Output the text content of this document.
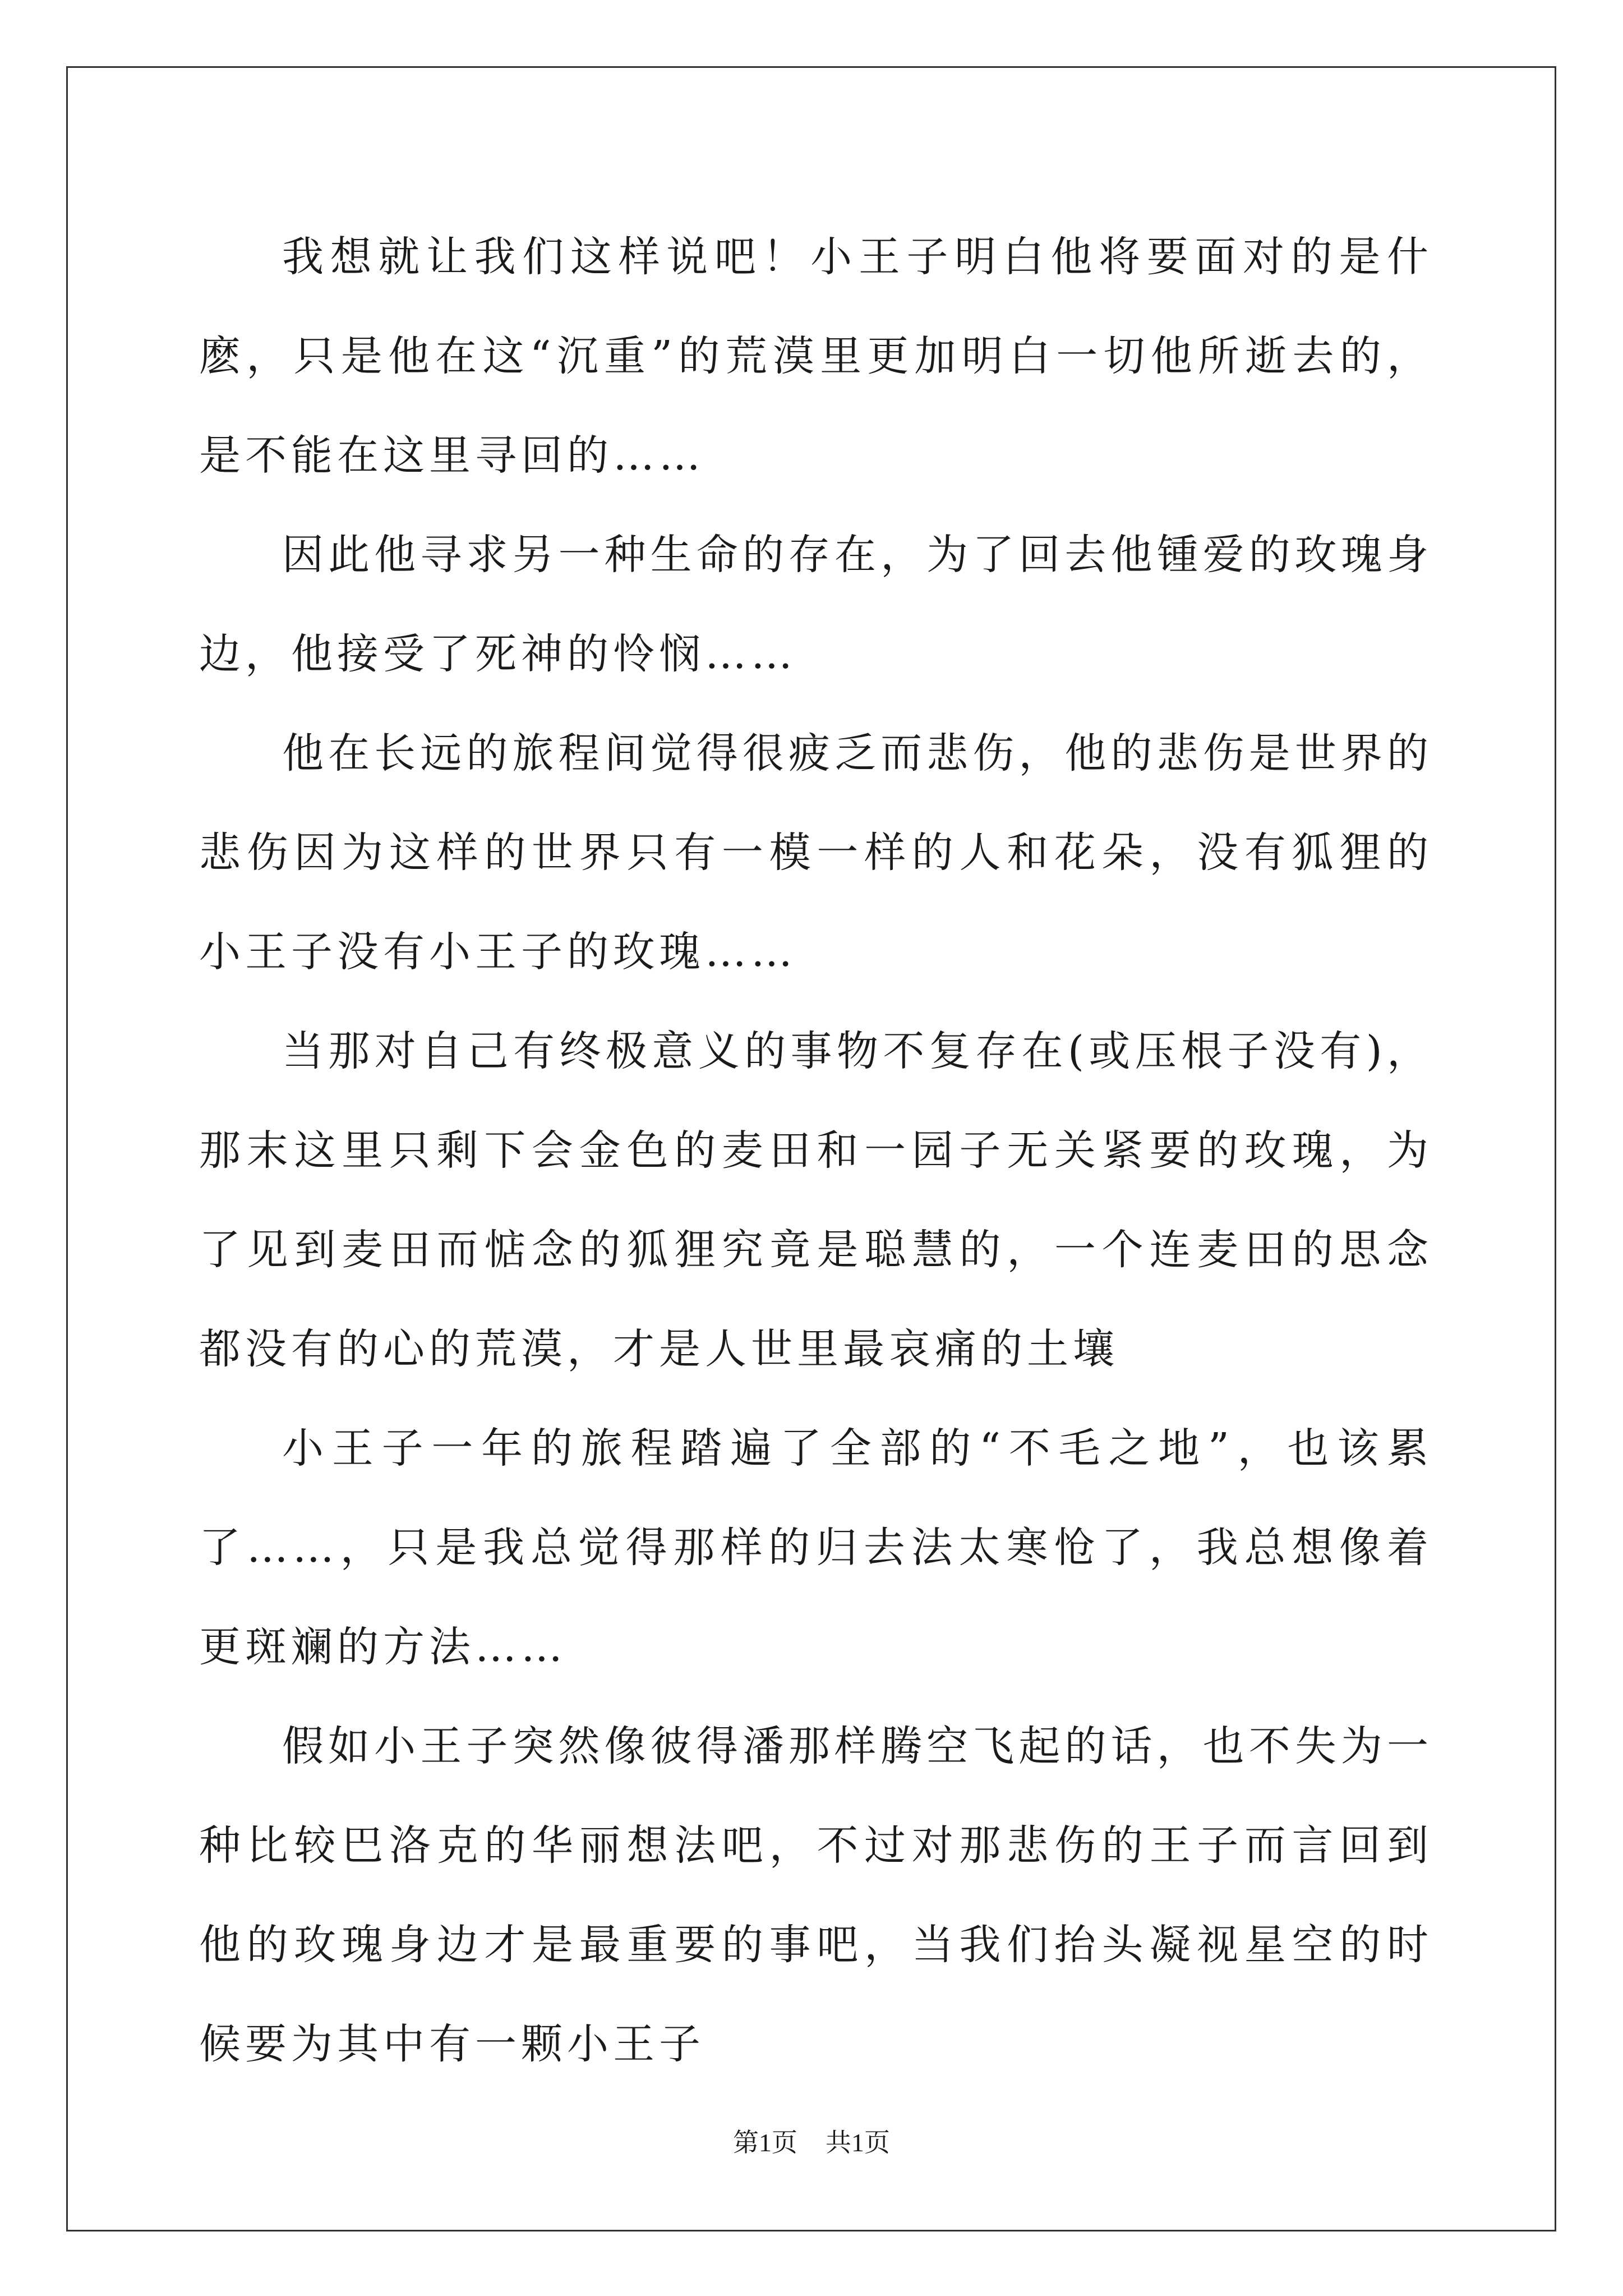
我想就让我们这样说吧！小王子明白他将要面对的是什麽，只是他在这“沉重”的荒漠里更加明白一切他所逝去的，是不能在这里寻回的……

因此他寻求另一种生命的存在，为了回去他锺爱的玫瑰身边，他接受了死神的怜悯……

他在长远的旅程间觉得很疲乏而悲伤，他的悲伤是世界的悲伤因为这样的世界只有一模一样的人和花朵，没有狐狸的小王子没有小王子的玫瑰……

当那对自己有终极意义的事物不复存在(或压根子没有)，那末这里只剩下会金色的麦田和一园子无关紧要的玫瑰，为了见到麦田而惦念的狐狸究竟是聪慧的，一个连麦田的思念都没有的心的荒漠，才是人世里最哀痛的土壤

小王子一年的旅程踏遍了全部的“不毛之地”，也该累了……，只是我总觉得那样的归去法太寒怆了，我总想像着更斑斓的方法……

假如小王子突然像彼得潘那样腾空飞起的话，也不失为一种比较巴洛克的华丽想法吧，不过对那悲伤的王子而言回到他的玫瑰身边才是最重要的事吧，当我们抬头凝视星空的时候要为其中有一颗小王子

第1页 共1页
